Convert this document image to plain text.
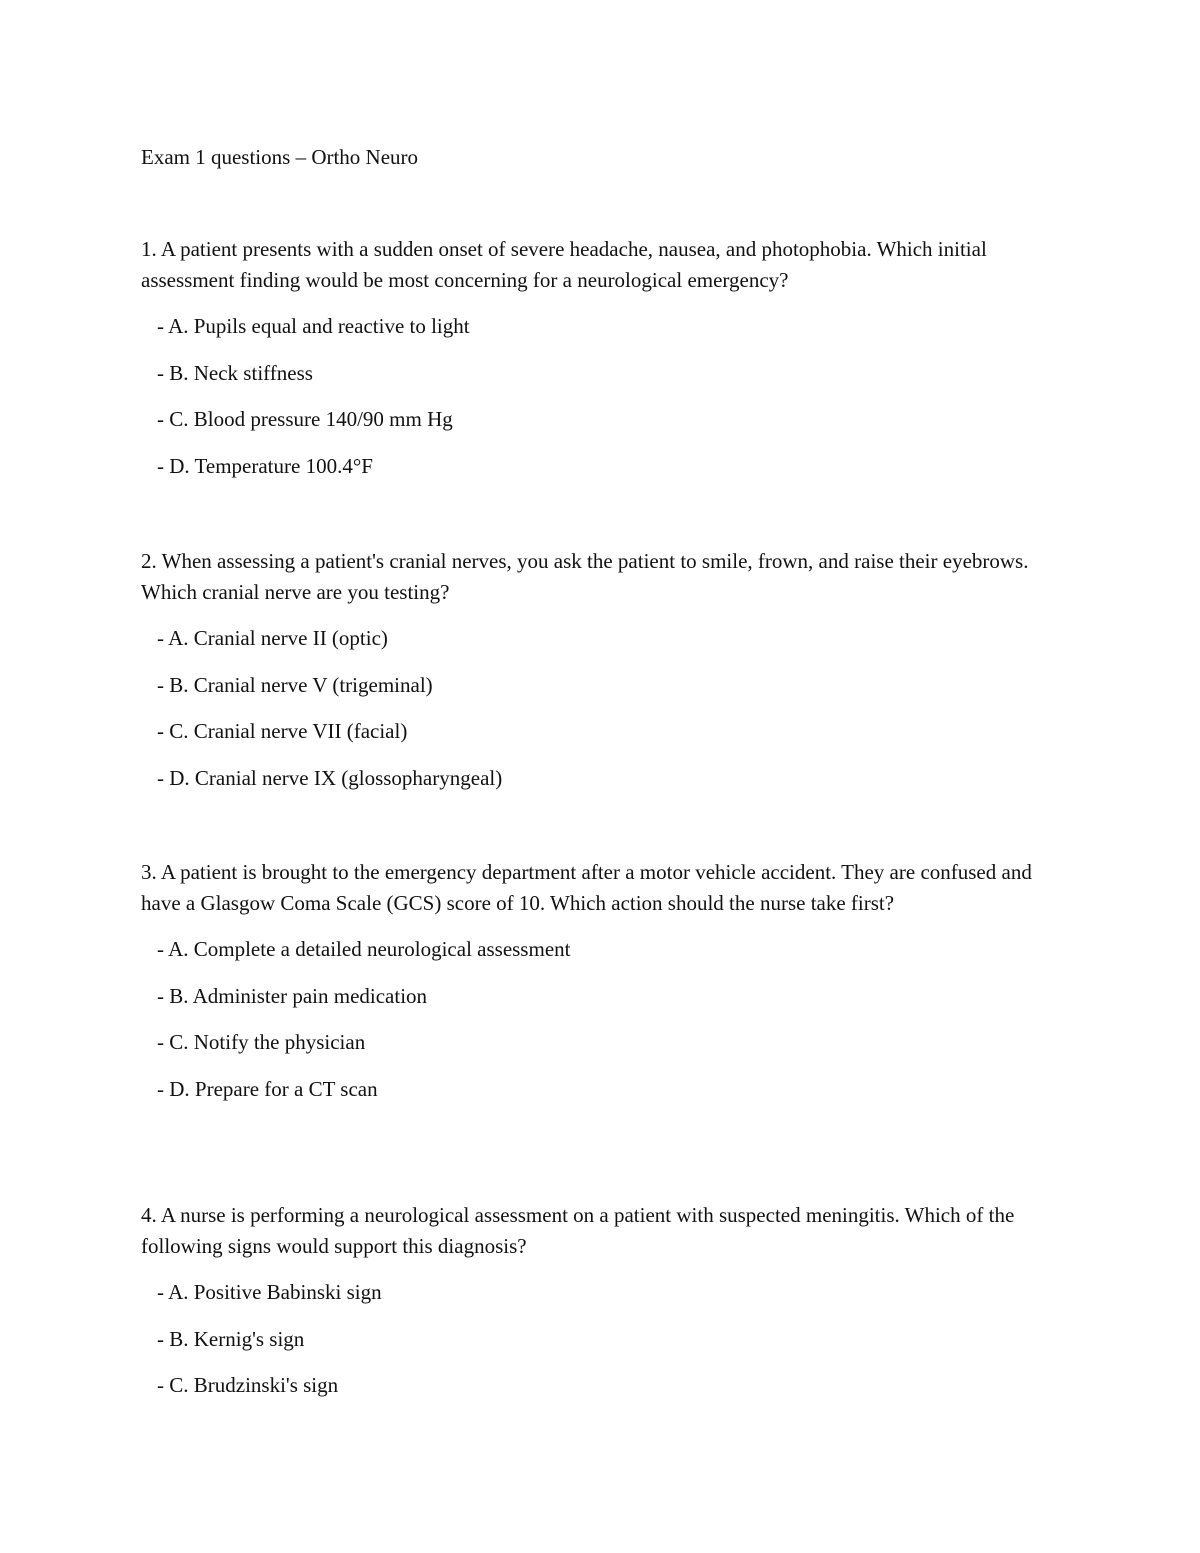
Exam 1 questions – Ortho Neuro

1. A patient presents with a sudden onset of severe headache, nausea, and photophobia. Which initial assessment finding would be most concerning for a neurological emergency?

- A. Pupils equal and reactive to light
- B. Neck stiffness
- C. Blood pressure 140/90 mm Hg
- D. Temperature 100.4°F

2. When assessing a patient's cranial nerves, you ask the patient to smile, frown, and raise their eyebrows. Which cranial nerve are you testing?

- A. Cranial nerve II (optic)
- B. Cranial nerve V (trigeminal)
- C. Cranial nerve VII (facial)
- D. Cranial nerve IX (glossopharyngeal)

3. A patient is brought to the emergency department after a motor vehicle accident. They are confused and have a Glasgow Coma Scale (GCS) score of 10. Which action should the nurse take first?

- A. Complete a detailed neurological assessment
- B. Administer pain medication
- C. Notify the physician
- D. Prepare for a CT scan

4. A nurse is performing a neurological assessment on a patient with suspected meningitis. Which of the following signs would support this diagnosis?

- A. Positive Babinski sign
- B. Kernig's sign
- C. Brudzinski's sign
